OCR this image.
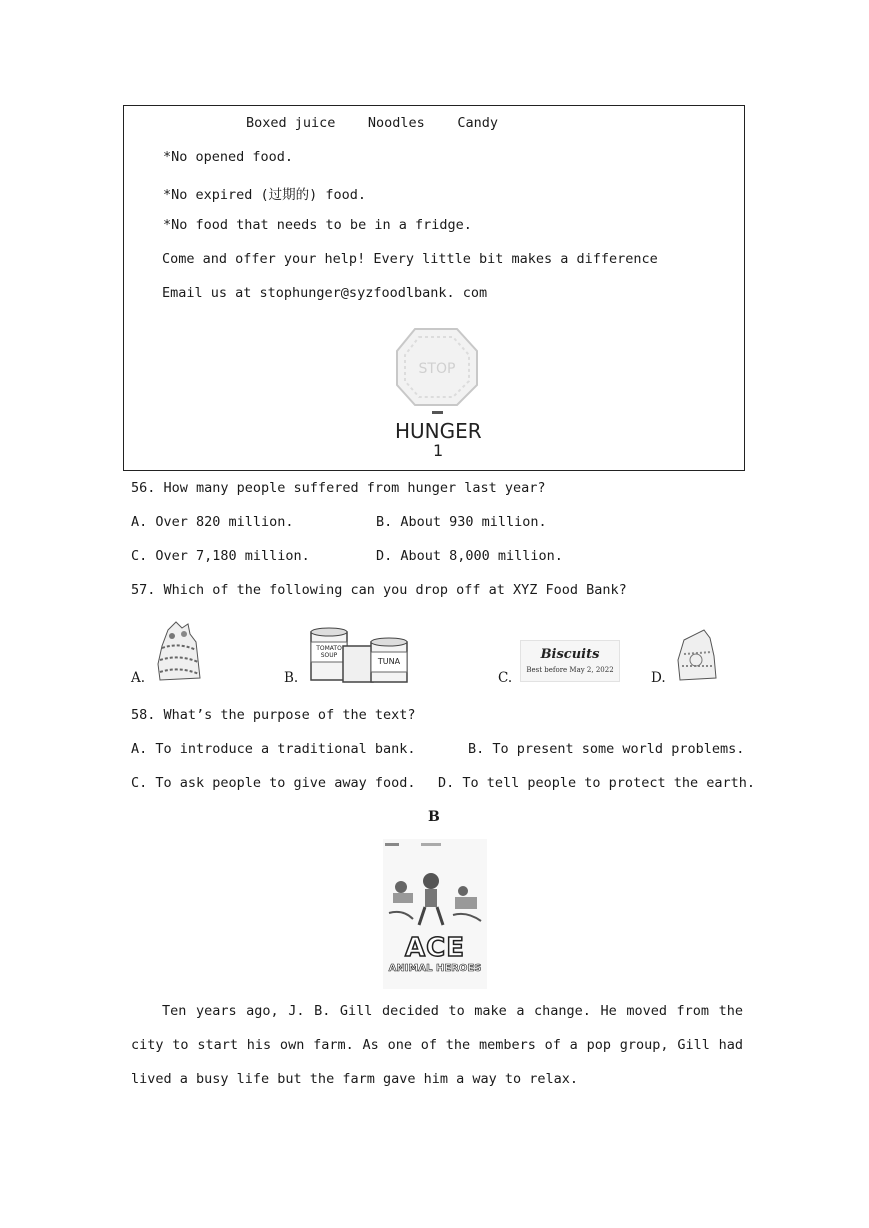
Boxed juice    Noodles    Candy
*No opened food.
*No expired (过期的) food.
*No food that needs to be in a fridge.
Come and offer your help! Every little bit makes a difference
Email us at stophunger@syzfoodlbank. com
STOP
HUNGER
1
56. How many people suffered from hunger last year?
A. Over 820 million.	B. About 930 million.
C. Over 7,180 million.	D. About 8,000 million.
57. Which of the following can you drop off at XYZ Food Bank?
A.	B.
TOMATO SOUP
TUNA
C.
Biscuits
Best before May 2, 2022	D.
58. What’s the purpose of the text?
A. To introduce a traditional bank.	B. To present some world problems.
C. To ask people to give away food. D. To tell people to protect the earth.
B
ACE
ANIMAL HEROES
Ten years ago, J. B. Gill decided to make a change. He moved from the city to start his own farm. As one of the members of a pop group, Gill had lived a busy life but the farm gave him a way to relax.
